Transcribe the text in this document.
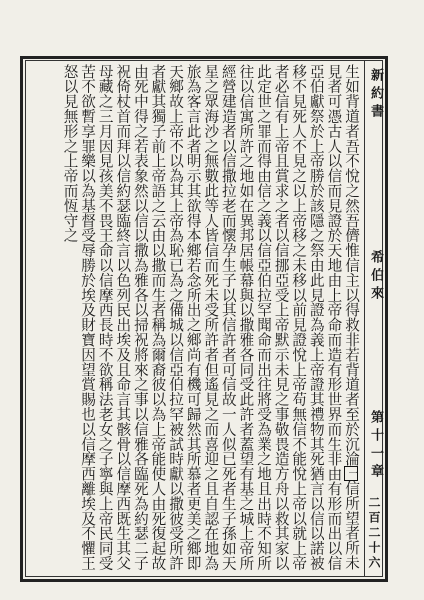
新約書
希伯來
第十一章
二百二十六
生如背道者吾不悅之然吾儕惟信主以得救非若背道者至於沉淪一信所望者所未見者可憑古人以信而見證於天地由上帝命而造有形世界而生非由有形而出以信亞伯獻祭於上帝勝於該隱之祭由此見證為義上帝證其禮物其死猶言以信以諾被移不見死人不見之以上帝移之未移以前見證悅上帝苟無信不能悅上帝以就上帝者必信有上帝且賞求之者以信挪亞受上帝默示未見之事敬畏造方舟以救其家以此定世之罪而得由信之義以信亞伯拉罕聞命而出往將受為業之地且出時不知所往以信寓所許之地如在異邦居帳幕與以撒雅各同受此許者蓋望有基之城上帝所經營建造者以信撒拉老而懷孕生子以其信許者可信故一人似已死者生子孫如天星之眾海沙之無數此等人皆信而死未受所許者但遙見之而喜迎之且自認在地為旅為客言此者明示其欲得本鄉若念所出之鄉尚有機可歸然其所慕者更美之鄉即天鄉故上帝不以為其上帝為恥已為之備城以信亞伯拉罕被試時獻以撒彼受所許者獻其獨子前上帝語之云由以撒而生者稱為爾裔彼以為上帝能使人由死復起故由死中得之若表象然以信以撒為雅各以掃祝將來之事以信雅各臨死為約瑟二子祝倚杖首而拜以信約瑟臨終言以色列民出埃及且命言其骸骨以信摩西既生其父母藏之三月因見孩美不畏王命以信摩西長時不欲稱法老女之子寧與上帝民同受苦不欲暫享罪樂以為基督受辱勝於埃及財寶因望賞賜也以信摩西離埃及不懼王怒以見無形之上帝而恆守之
